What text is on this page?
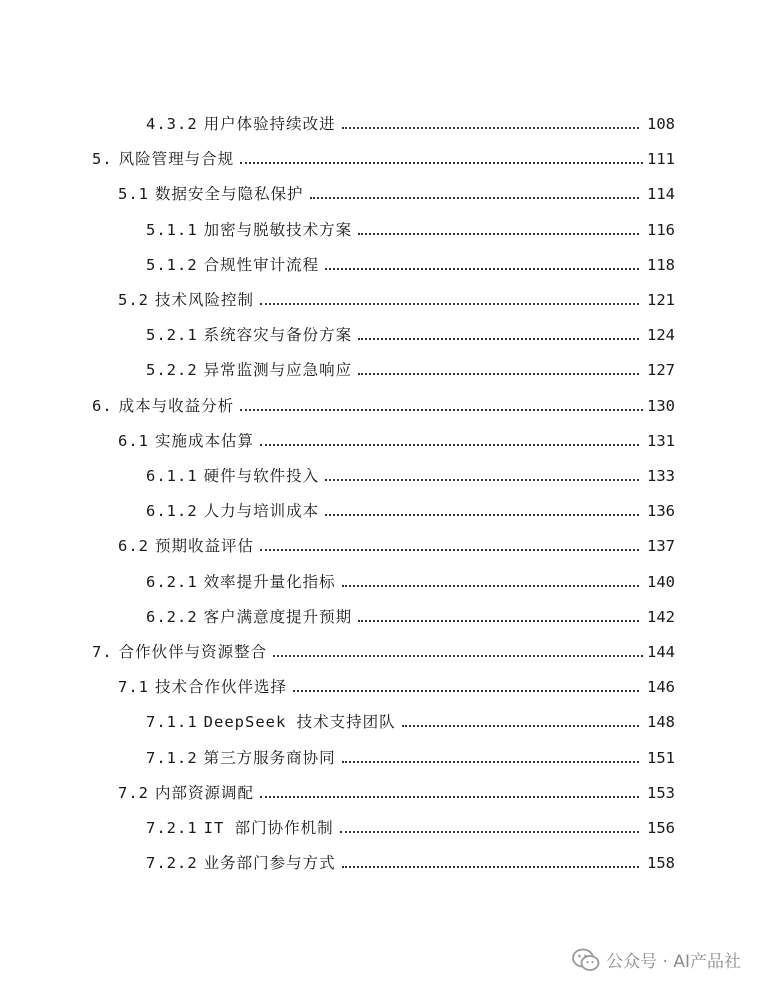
4.3.2 用户体验持续改进	108
5. 风险管理与合规	111
5.1 数据安全与隐私保护	114
5.1.1 加密与脱敏技术方案	116
5.1.2 合规性审计流程	118
5.2 技术风险控制	121
5.2.1 系统容灾与备份方案	124
5.2.2 异常监测与应急响应	127
6. 成本与收益分析	130
6.1 实施成本估算	131
6.1.1 硬件与软件投入	133
6.1.2 人力与培训成本	136
6.2 预期收益评估	137
6.2.1 效率提升量化指标	140
6.2.2 客户满意度提升预期	142
7. 合作伙伴与资源整合	144
7.1 技术合作伙伴选择	146
7.1.1 DeepSeek 技术支持团队	148
7.1.2 第三方服务商协同	151
7.2 内部资源调配	153
7.2.1 IT 部门协作机制	156
7.2.2 业务部门参与方式	158
公众号 · AI产品社
